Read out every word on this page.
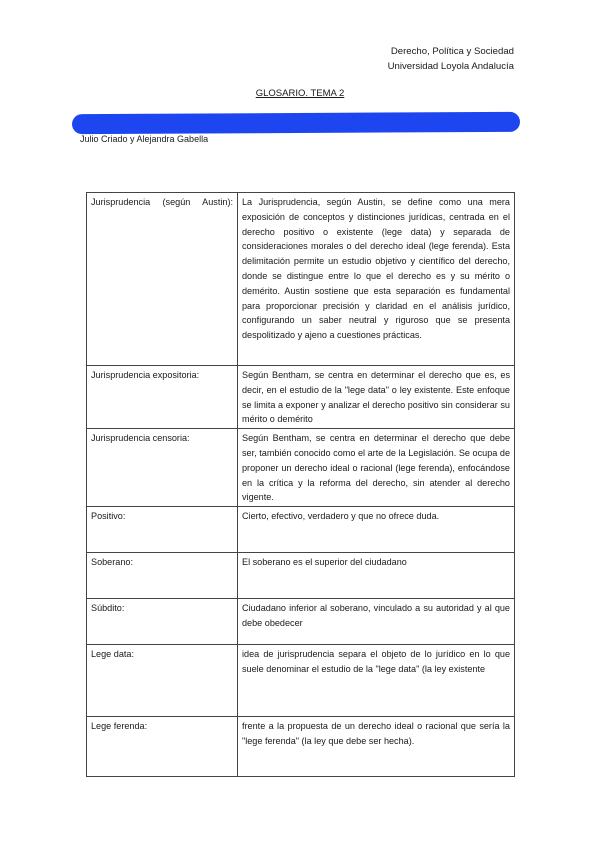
Derecho, Política y Sociedad
Universidad Loyola Andalucía
GLOSARIO. TEMA 2
Julio Criado y Alejandra Gabella
Jurisprudencia (según Austin):	La Jurisprudencia, según Austin, se define como una mera exposición de conceptos y distinciones jurídicas, centrada en el derecho positivo o existente (lege data) y separada de consideraciones morales o del derecho ideal (lege ferenda). Esta delimitación permite un estudio objetivo y científico del derecho, donde se distingue entre lo que el derecho es y su mérito o demérito. Austin sostiene que esta separación es fundamental para proporcionar precisión y claridad en el análisis jurídico, configurando un saber neutral y riguroso que se presenta despolitizado y ajeno a cuestiones prácticas.
Jurisprudencia expositoria:	Según Bentham, se centra en determinar el derecho que es, es decir, en el estudio de la "lege data" o ley existente. Este enfoque se limita a exponer y analizar el derecho positivo sin considerar su mérito o demérito
Jurisprudencia censoria:	Según Bentham, se centra en determinar el derecho que debe ser, también conocido como el arte de la Legislación. Se ocupa de proponer un derecho ideal o racional (lege ferenda), enfocándose en la crítica y la reforma del derecho, sin atender al derecho vigente.
Positivo:	Cierto, efectivo, verdadero y que no ofrece duda.
Soberano:	El soberano es el superior del ciudadano
Súbdito:	Ciudadano inferior al soberano, vinculado a su autoridad y al que debe obedecer
Lege data:	idea de jurisprudencia separa el objeto de lo jurídico en lo que suele denominar el estudio de la "lege data" (la ley existente
Lege ferenda:	frente a la propuesta de un derecho ideal o racional que sería la "lege ferenda" (la ley que debe ser hecha).
